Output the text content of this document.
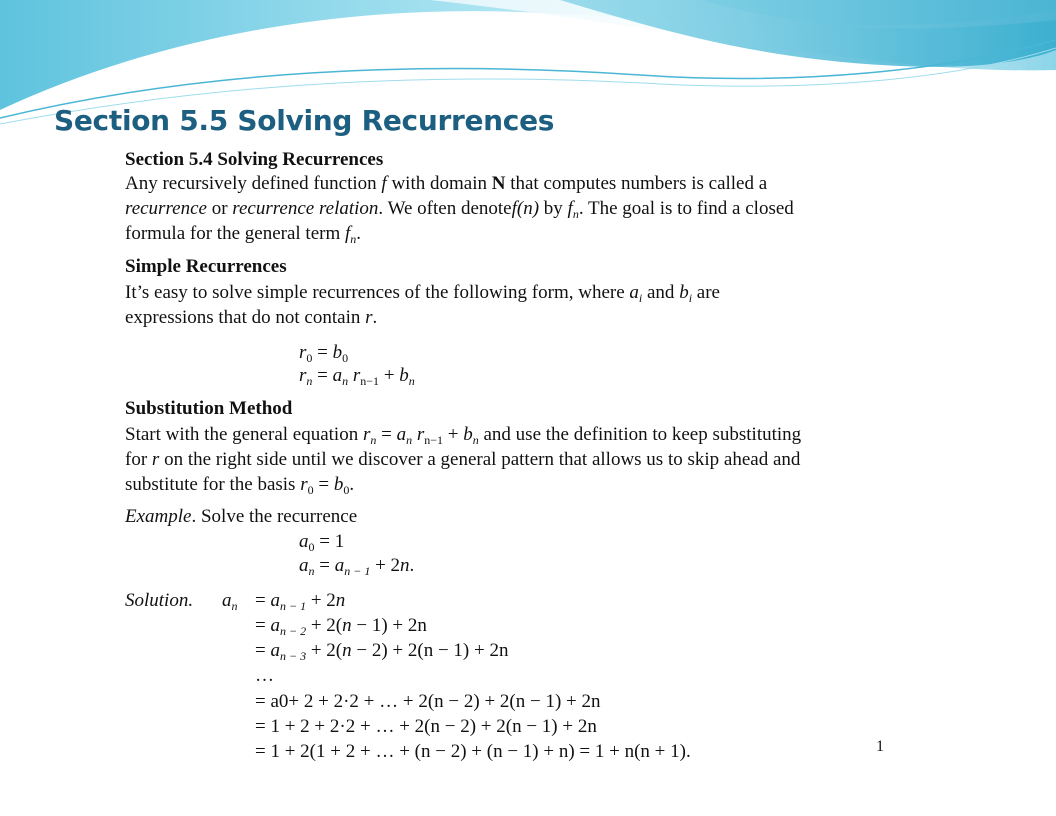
Section 5.5 Solving Recurrences
Section 5.4 Solving Recurrences
Any recursively defined function f with domain N that computes numbers is called a
recurrence or recurrence relation. We often denotef(n) by $f_n$. The goal is to find a closed
formula for the general term $f_n$.
Simple Recurrences
It’s easy to solve simple recurrences of the following form, where $a_i$ and $b_i$ are
expressions that do not contain r.
$r_0 = b_0$
$r_n = a_n$ $r_{n-1} + b_n$
Substitution Method
Start with the general equation $r_n = a_n$ $r_{n-1} + b_n$ and use the definition to keep substituting
for r on the right side until we discover a general pattern that allows us to skip ahead and
substitute for the basis $r_0 = b_0$.
Example. Solve the recurrence
$a_0 = 1$
$a_n = a_{n - 1} + 2n$.
Solution. $a_n = a_{n - 1} + 2n$
= $a_{n - 2} + 2(n - 1) + 2n$
= $a_{n - 3} + 2(n - 2) + 2(n - 1) + 2n$
…
= a0+ 2 + 2·2 + … + 2(n − 2) + 2(n − 1) + 2n
= 1 + 2 + 2·2 + … + 2(n − 2) + 2(n − 1) + 2n
= 1 + 2(1 + 2 + … + (n − 2) + (n − 1) + n) = 1 + n(n + 1).	1
